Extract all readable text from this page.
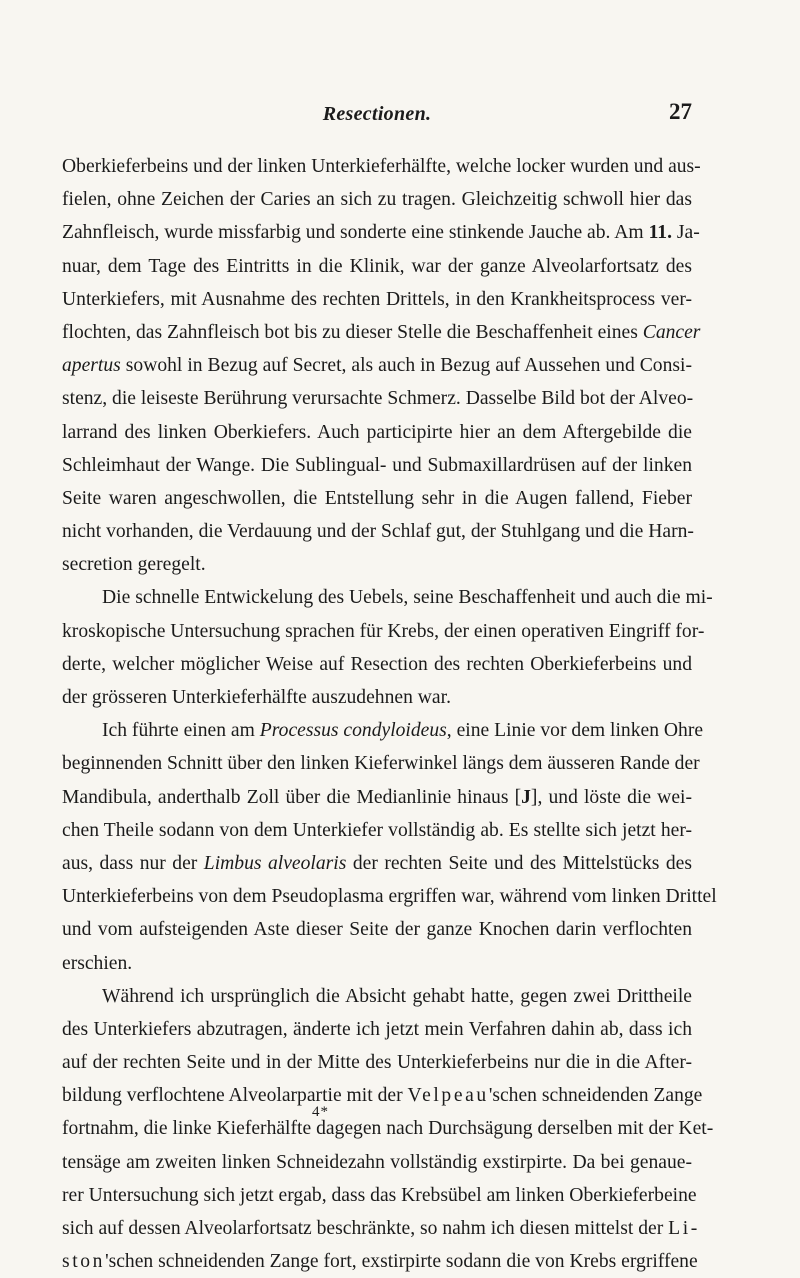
Resectionen.	27
Oberkieferbeins und der linken Unterkieferhälfte, welche locker wurden und aus-
fielen, ohne Zeichen der Caries an sich zu tragen. Gleichzeitig schwoll hier das
Zahnfleisch, wurde missfarbig und sonderte eine stinkende Jauche ab. Am 11. Ja-
nuar, dem Tage des Eintritts in die Klinik, war der ganze Alveolarfortsatz des
Unterkiefers, mit Ausnahme des rechten Drittels, in den Krankheitsprocess ver-
flochten, das Zahnfleisch bot bis zu dieser Stelle die Beschaffenheit eines Cancer
apertus sowohl in Bezug auf Secret, als auch in Bezug auf Aussehen und Consi-
stenz, die leiseste Berührung verursachte Schmerz. Dasselbe Bild bot der Alveo-
larrand des linken Oberkiefers. Auch participirte hier an dem Aftergebilde die
Schleimhaut der Wange. Die Sublingual- und Submaxillardrüsen auf der linken
Seite waren angeschwollen, die Entstellung sehr in die Augen fallend, Fieber
nicht vorhanden, die Verdauung und der Schlaf gut, der Stuhlgang und die Harn-
secretion geregelt.
Die schnelle Entwickelung des Uebels, seine Beschaffenheit und auch die mi-
kroskopische Untersuchung sprachen für Krebs, der einen operativen Eingriff for-
derte, welcher möglicher Weise auf Resection des rechten Oberkieferbeins und
der grösseren Unterkieferhälfte auszudehnen war.
Ich führte einen am Processus condyloideus, eine Linie vor dem linken Ohre
beginnenden Schnitt über den linken Kieferwinkel längs dem äusseren Rande der
Mandibula, anderthalb Zoll über die Medianlinie hinaus [J], und löste die wei-
chen Theile sodann von dem Unterkiefer vollständig ab. Es stellte sich jetzt her-
aus, dass nur der Limbus alveolaris der rechten Seite und des Mittelstücks des
Unterkieferbeins von dem Pseudoplasma ergriffen war, während vom linken Drittel
und vom aufsteigenden Aste dieser Seite der ganze Knochen darin verflochten
erschien.
Während ich ursprünglich die Absicht gehabt hatte, gegen zwei Drittheile
des Unterkiefers abzutragen, änderte ich jetzt mein Verfahren dahin ab, dass ich
auf der rechten Seite und in der Mitte des Unterkieferbeins nur die in die After-
bildung verflochtene Alveolarpartie mit der Velpeau'schen schneidenden Zange
fortnahm, die linke Kieferhälfte dagegen nach Durchsägung derselben mit der Ket-
tensäge am zweiten linken Schneidezahn vollständig exstirpirte. Da bei genaue-
rer Untersuchung sich jetzt ergab, dass das Krebsübel am linken Oberkieferbeine
sich auf dessen Alveolarfortsatz beschränkte, so nahm ich diesen mittelst der Li-
ston'schen schneidenden Zange fort, exstirpirte sodann die von Krebs ergriffene
4*
